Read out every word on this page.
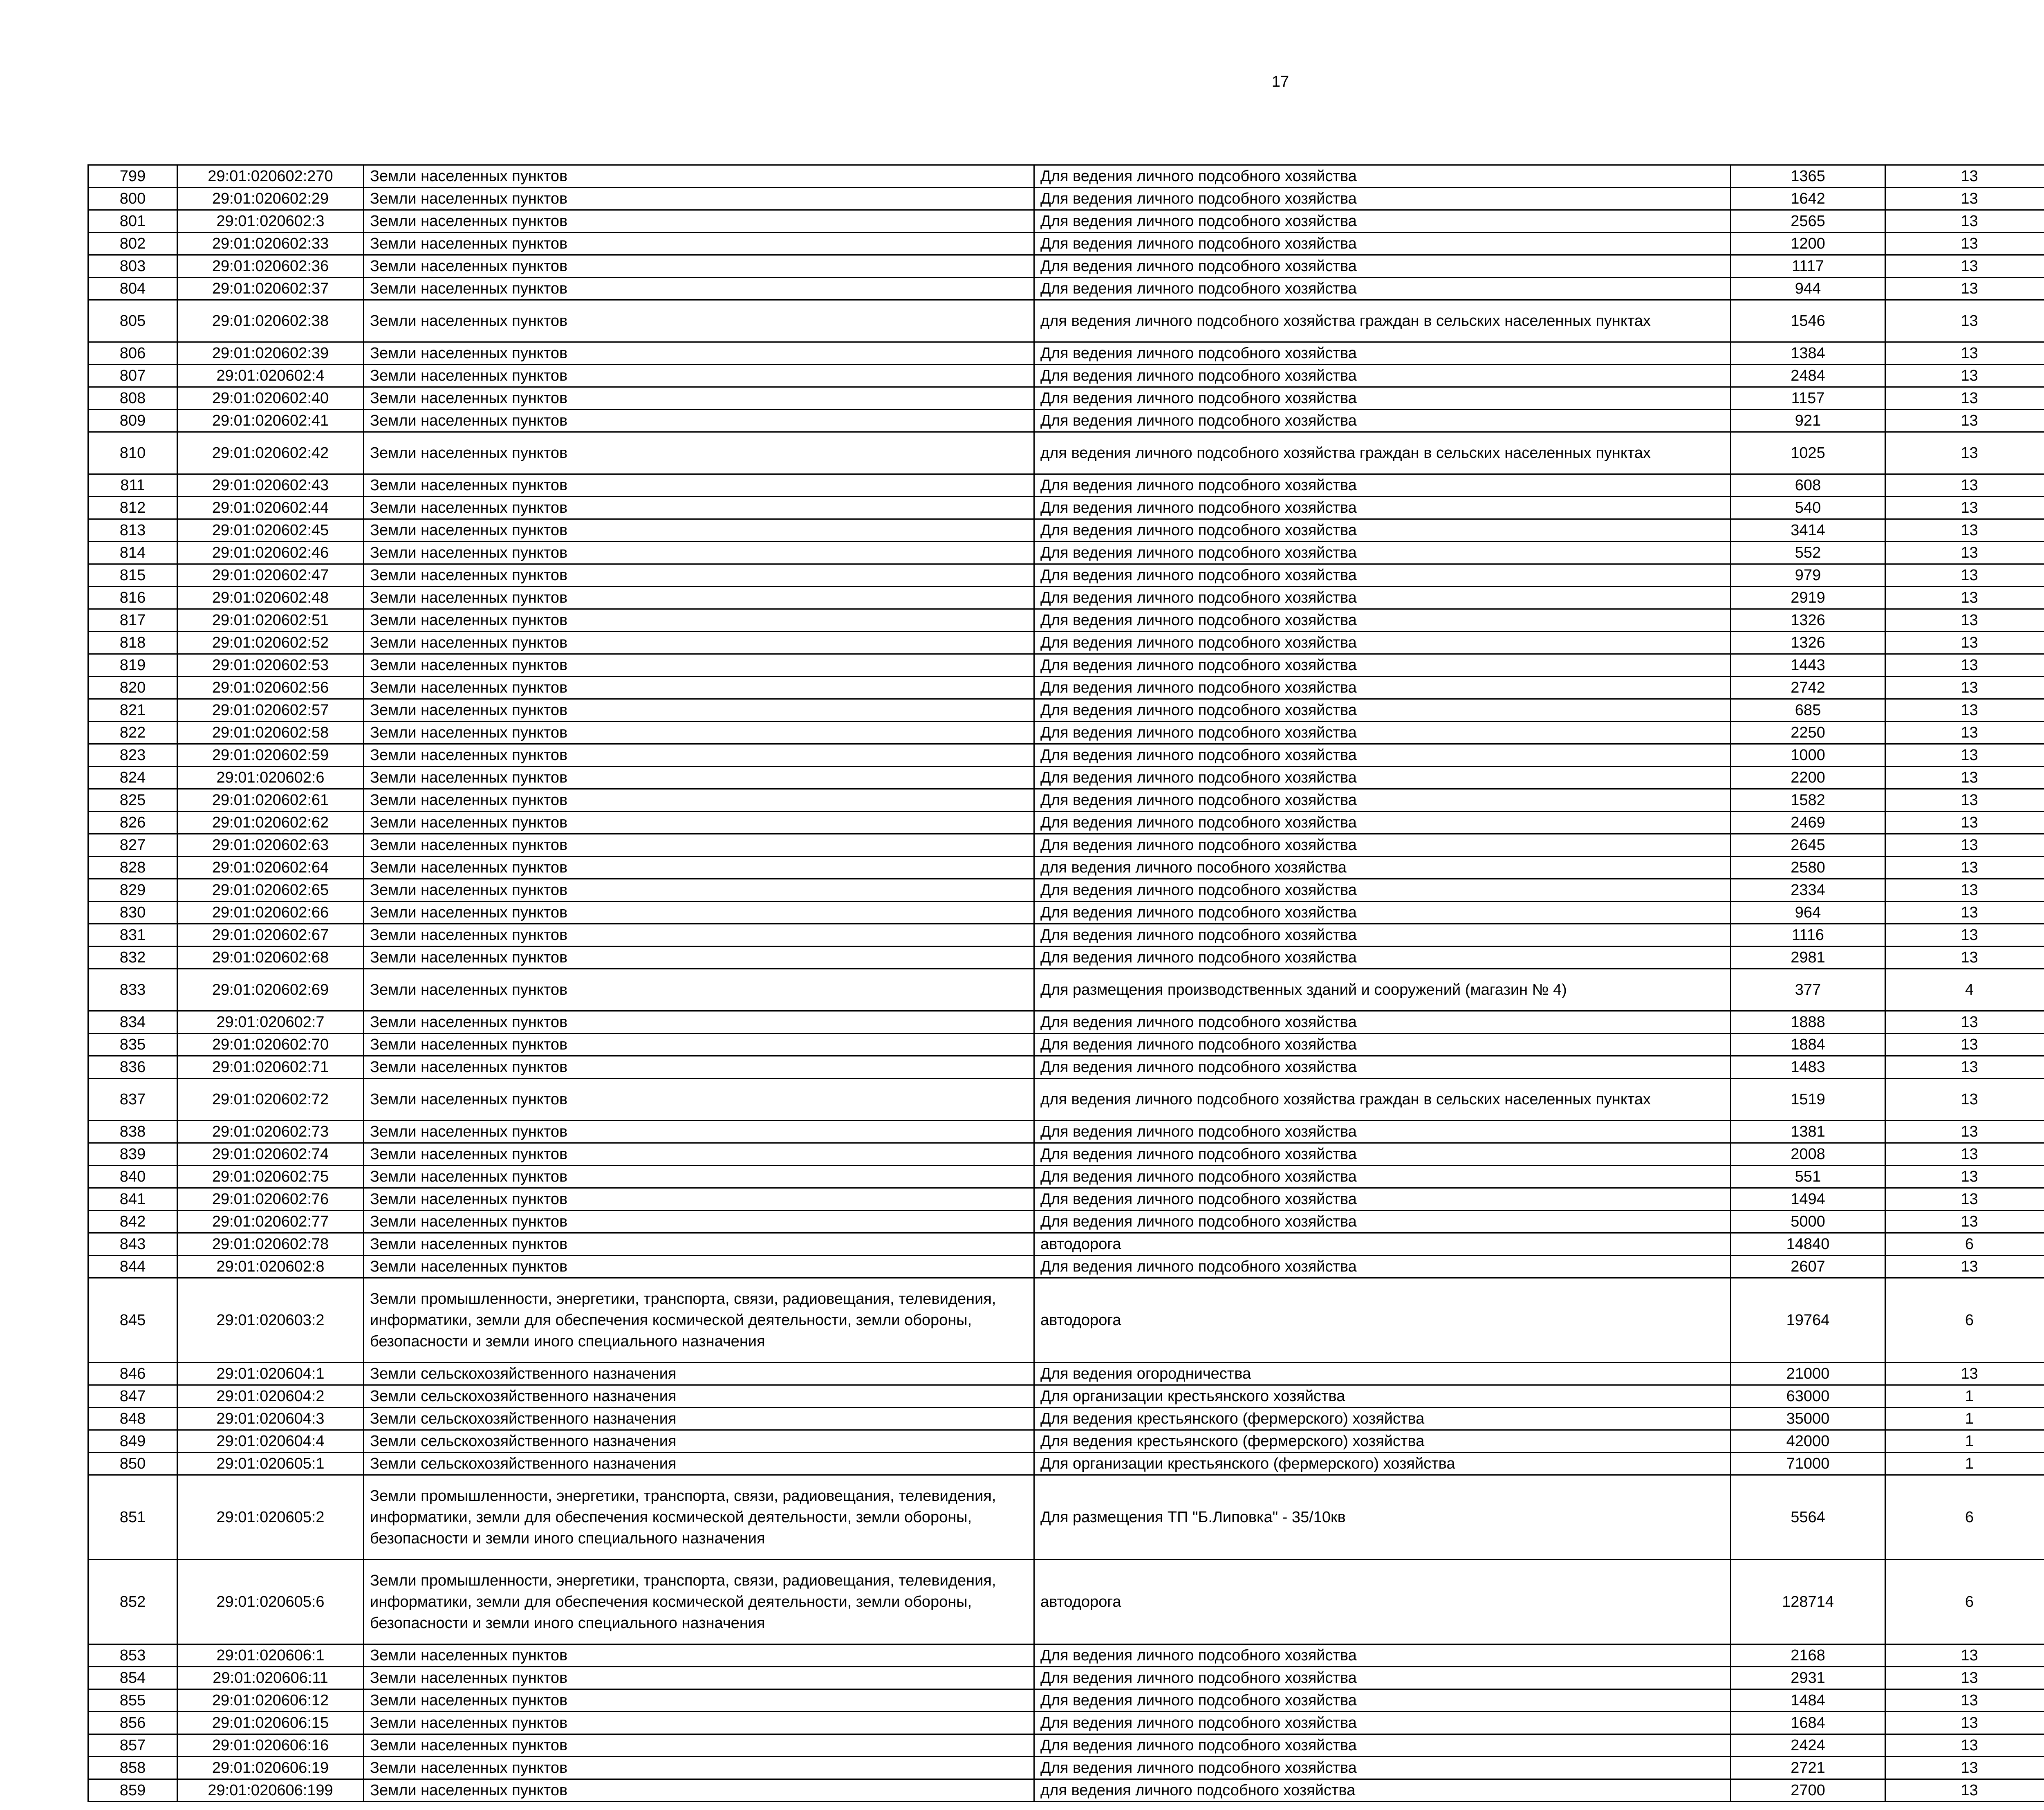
17
799	29:01:020602:270	Земли населенных пунктов	Для ведения личного подсобного хозяйства	1365	13		
800	29:01:020602:29	Земли населенных пунктов	Для ведения личного подсобного хозяйства	1642	13		
801	29:01:020602:3	Земли населенных пунктов	Для ведения личного подсобного хозяйства	2565	13		
802	29:01:020602:33	Земли населенных пунктов	Для ведения личного подсобного хозяйства	1200	13		
803	29:01:020602:36	Земли населенных пунктов	Для ведения личного подсобного хозяйства	1117	13		
804	29:01:020602:37	Земли населенных пунктов	Для ведения личного подсобного хозяйства	944	13		
805	29:01:020602:38	Земли населенных пунктов	для ведения личного подсобного хозяйства граждан в сельских населенных пунктах	1546	13		
806	29:01:020602:39	Земли населенных пунктов	Для ведения личного подсобного хозяйства	1384	13		
807	29:01:020602:4	Земли населенных пунктов	Для ведения личного подсобного хозяйства	2484	13		
808	29:01:020602:40	Земли населенных пунктов	Для ведения личного подсобного хозяйства	1157	13		
809	29:01:020602:41	Земли населенных пунктов	Для ведения личного подсобного хозяйства	921	13		
810	29:01:020602:42	Земли населенных пунктов	для ведения личного подсобного хозяйства граждан в сельских населенных пунктах	1025	13		
811	29:01:020602:43	Земли населенных пунктов	Для ведения личного подсобного хозяйства	608	13		
812	29:01:020602:44	Земли населенных пунктов	Для ведения личного подсобного хозяйства	540	13		
813	29:01:020602:45	Земли населенных пунктов	Для ведения личного подсобного хозяйства	3414	13		
814	29:01:020602:46	Земли населенных пунктов	Для ведения личного подсобного хозяйства	552	13		
815	29:01:020602:47	Земли населенных пунктов	Для ведения личного подсобного хозяйства	979	13		
816	29:01:020602:48	Земли населенных пунктов	Для ведения личного подсобного хозяйства	2919	13		
817	29:01:020602:51	Земли населенных пунктов	Для ведения личного подсобного хозяйства	1326	13		
818	29:01:020602:52	Земли населенных пунктов	Для ведения личного подсобного хозяйства	1326	13		
819	29:01:020602:53	Земли населенных пунктов	Для ведения личного подсобного хозяйства	1443	13		
820	29:01:020602:56	Земли населенных пунктов	Для ведения личного подсобного хозяйства	2742	13		
821	29:01:020602:57	Земли населенных пунктов	Для ведения личного подсобного хозяйства	685	13		
822	29:01:020602:58	Земли населенных пунктов	Для ведения личного подсобного хозяйства	2250	13		
823	29:01:020602:59	Земли населенных пунктов	Для ведения личного подсобного хозяйства	1000	13		
824	29:01:020602:6	Земли населенных пунктов	Для ведения личного подсобного хозяйства	2200	13		
825	29:01:020602:61	Земли населенных пунктов	Для ведения личного подсобного хозяйства	1582	13		
826	29:01:020602:62	Земли населенных пунктов	Для ведения личного подсобного хозяйства	2469	13		
827	29:01:020602:63	Земли населенных пунктов	Для ведения личного подсобного хозяйства	2645	13		
828	29:01:020602:64	Земли населенных пунктов	для ведения личного пособного хозяйства	2580	13		
829	29:01:020602:65	Земли населенных пунктов	Для ведения личного подсобного хозяйства	2334	13		
830	29:01:020602:66	Земли населенных пунктов	Для ведения личного подсобного хозяйства	964	13		
831	29:01:020602:67	Земли населенных пунктов	Для ведения личного подсобного хозяйства	1116	13		
832	29:01:020602:68	Земли населенных пунктов	Для ведения личного подсобного хозяйства	2981	13		
833	29:01:020602:69	Земли населенных пунктов	Для размещения производственных зданий и сооружений (магазин № 4)	377	4		
834	29:01:020602:7	Земли населенных пунктов	Для ведения личного подсобного хозяйства	1888	13		
835	29:01:020602:70	Земли населенных пунктов	Для ведения личного подсобного хозяйства	1884	13		
836	29:01:020602:71	Земли населенных пунктов	Для ведения личного подсобного хозяйства	1483	13		
837	29:01:020602:72	Земли населенных пунктов	для ведения личного подсобного хозяйства граждан в сельских населенных пунктах	1519	13		
838	29:01:020602:73	Земли населенных пунктов	Для ведения личного подсобного хозяйства	1381	13		
839	29:01:020602:74	Земли населенных пунктов	Для ведения личного подсобного хозяйства	2008	13		
840	29:01:020602:75	Земли населенных пунктов	Для ведения личного подсобного хозяйства	551	13		
841	29:01:020602:76	Земли населенных пунктов	Для ведения личного подсобного хозяйства	1494	13		
842	29:01:020602:77	Земли населенных пунктов	Для ведения личного подсобного хозяйства	5000	13		
843	29:01:020602:78	Земли населенных пунктов	автодорога	14840	6		
844	29:01:020602:8	Земли населенных пунктов	Для ведения личного подсобного хозяйства	2607	13		
845	29:01:020603:2	Земли промышленности, энергетики, транспорта, связи, радиовещания, телевидения, информатики, земли для обеспечения космической деятельности, земли обороны, безопасности и земли иного специального назначения	автодорога	19764	6		
846	29:01:020604:1	Земли сельскохозяйственного назначения	Для ведения огородничества	21000	13		
847	29:01:020604:2	Земли сельскохозяйственного назначения	Для организации крестьянского хозяйства	63000	1		
848	29:01:020604:3	Земли сельскохозяйственного назначения	Для ведения крестьянского (фермерского) хозяйства	35000	1		
849	29:01:020604:4	Земли сельскохозяйственного назначения	Для ведения крестьянского (фермерского) хозяйства	42000	1		
850	29:01:020605:1	Земли сельскохозяйственного назначения	Для организации крестьянского (фермерского) хозяйства	71000	1		
851	29:01:020605:2	Земли промышленности, энергетики, транспорта, связи, радиовещания, телевидения, информатики, земли для обеспечения космической деятельности, земли обороны, безопасности и земли иного специального назначения	Для размещения ТП "Б.Липовка" - 35/10кв	5564	6		
852	29:01:020605:6	Земли промышленности, энергетики, транспорта, связи, радиовещания, телевидения, информатики, земли для обеспечения космической деятельности, земли обороны, безопасности и земли иного специального назначения	автодорога	128714	6		
853	29:01:020606:1	Земли населенных пунктов	Для ведения личного подсобного хозяйства	2168	13		
854	29:01:020606:11	Земли населенных пунктов	Для ведения личного подсобного хозяйства	2931	13		
855	29:01:020606:12	Земли населенных пунктов	Для ведения личного подсобного хозяйства	1484	13		
856	29:01:020606:15	Земли населенных пунктов	Для ведения личного подсобного хозяйства	1684	13		
857	29:01:020606:16	Земли населенных пунктов	Для ведения личного подсобного хозяйства	2424	13		
858	29:01:020606:19	Земли населенных пунктов	Для ведения личного подсобного хозяйства	2721	13		
859	29:01:020606:199	Земли населенных пунктов	для ведения личного подсобного хозяйства	2700	13		
